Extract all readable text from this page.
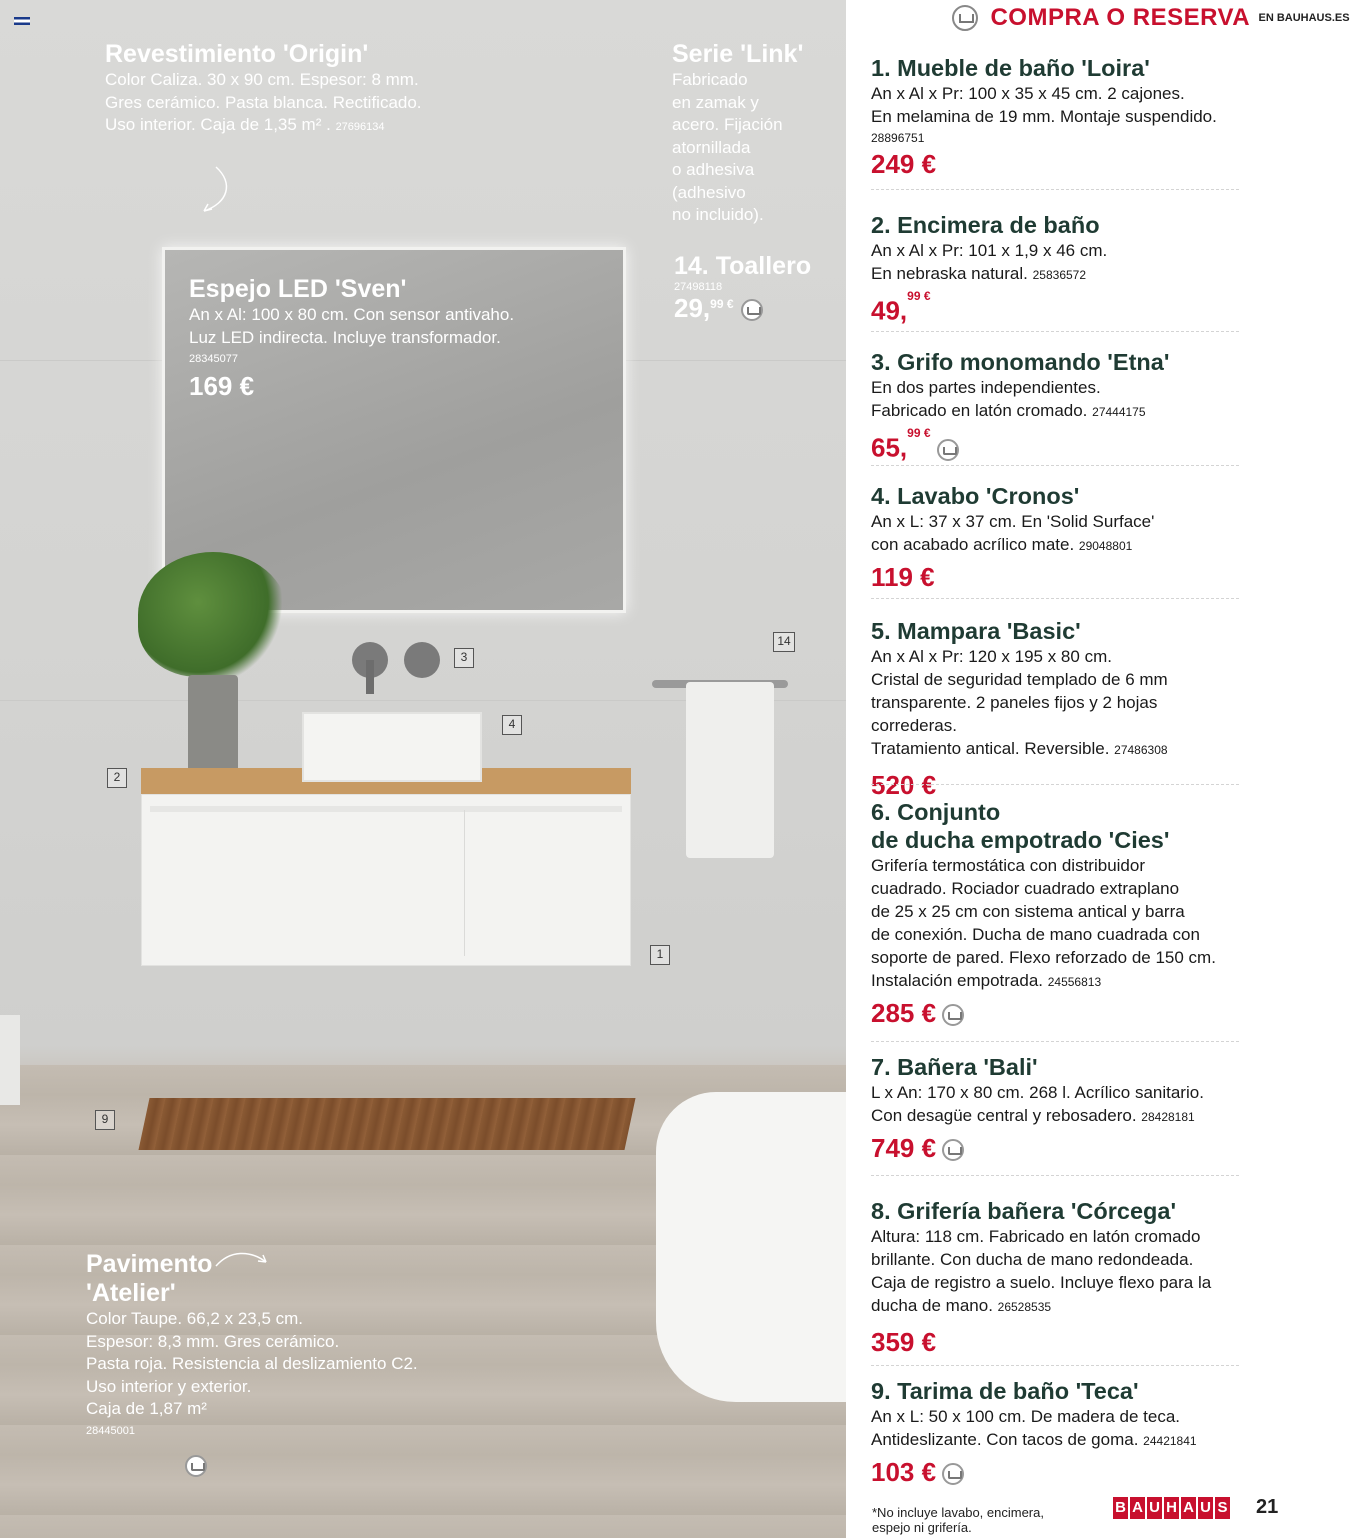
Revestimiento 'Origin'
Color Caliza. 30 x 90 cm. Espesor: 8 mm.
Gres cerámico. Pasta blanca. Rectificado.
Uso interior. Caja de 1,35 m² . 27696134
Serie 'Link'
Fabricado
en zamak y
acero. Fijación
atornillada
o adhesiva
(adhesivo
no incluido).
14. Toallero
27498118
29,$^{99 €}$
Espejo LED 'Sven'
An x Al: 100 x 80 cm. Con sensor antivaho.
Luz LED indirecta. Incluye transformador.
28345077
169 €
Pavimento
'Atelier'
Color Taupe. 66,2 x 23,5 cm.
Espesor: 8,3 mm. Gres cerámico.
Pasta roja. Resistencia al deslizamiento C2.
Uso interior y exterior.
Caja de 1,87 m²
28445001
3
4
14
2
1
9
COMPRA O RESERVA EN BAUHAUS.ES
1. Mueble de baño 'Loira'
An x Al x Pr: 100 x 35 x 45 cm. 2 cajones.
En melamina de 19 mm. Montaje suspendido.
28896751
249 €
2. Encimera de baño
An x Al x Pr: 101 x 1,9 x 46 cm.
En nebraska natural. 25836572
49,$^{99 €}$
3. Grifo monomando 'Etna'
En dos partes independientes.
Fabricado en latón cromado. 27444175
65,$^{99 €}$
4. Lavabo 'Cronos'
An x L: 37 x 37 cm. En 'Solid Surface'
con acabado acrílico mate. 29048801
119 €
5. Mampara 'Basic'
An x Al x Pr: 120 x 195 x 80 cm.
Cristal de seguridad templado de 6 mm
transparente. 2 paneles fijos y 2 hojas correderas.
Tratamiento antical. Reversible. 27486308
520 €
6. Conjunto
de ducha empotrado 'Cies'
Grifería termostática con distribuidor
cuadrado. Rociador cuadrado extraplano
de 25 x 25 cm con sistema antical y barra
de conexión. Ducha de mano cuadrada con
soporte de pared. Flexo reforzado de 150 cm.
Instalación empotrada. 24556813
285 €
7. Bañera 'Bali'
L x An: 170 x 80 cm. 268 l. Acrílico sanitario.
Con desagüe central y rebosadero. 28428181
749 €
8. Grifería bañera 'Córcega'
Altura: 118 cm. Fabricado en latón cromado
brillante. Con ducha de mano redondeada.
Caja de registro a suelo. Incluye flexo para la
ducha de mano. 26528535
359 €
9. Tarima de baño 'Teca'
An x L: 50 x 100 cm. De madera de teca.
Antideslizante. Con tacos de goma. 24421841
103 €
*No incluye lavabo, encimera,
espejo ni grifería.
B A U H A U S 21
